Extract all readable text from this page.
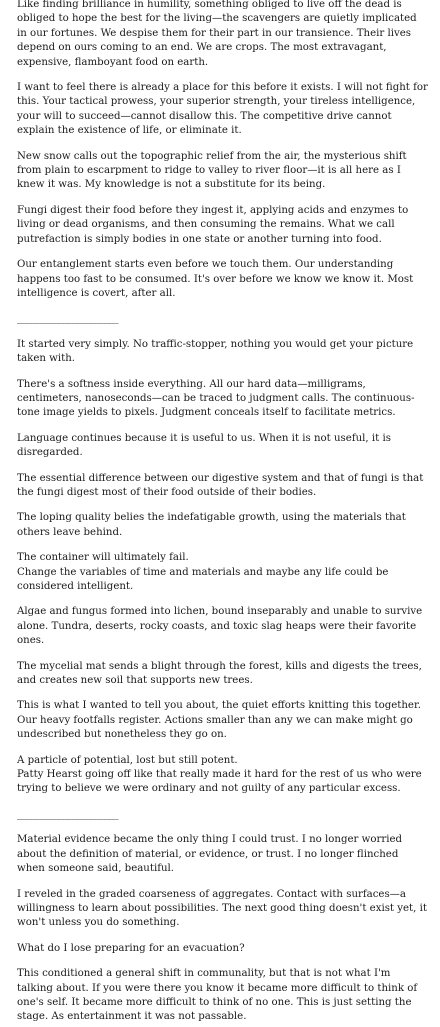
Like finding brilliance in humility, something obliged to live off the dead is obliged to hope the best for the living—the scavengers are quietly implicated in our fortunes. We despise them for their part in our transience. Their lives depend on ours coming to an end. We are crops. The most extravagant, expensive, flamboyant food on earth.

I want to feel there is already a place for this before it exists. I will not fight for this. Your tactical prowess, your superior strength, your tireless intelligence, your will to succeed—cannot disallow this. The competitive drive cannot explain the existence of life, or eliminate it.

New snow calls out the topographic relief from the air, the mysterious shift from plain to escarpment to ridge to valley to river floor—it is all here as I knew it was. My knowledge is not a substitute for its being.

Fungi digest their food before they ingest it, applying acids and enzymes to living or dead organisms, and then consuming the remains. What we call putrefaction is simply bodies in one state or another turning into food.

Our entanglement starts even before we touch them. Our understanding happens too fast to be consumed. It's over before we know we know it. Most intelligence is covert, after all.

______________________

It started very simply. No traffic-stopper, nothing you would get your picture taken with.

There's a softness inside everything. All our hard data—milligrams, centimeters, nanoseconds—can be traced to judgment calls. The continuous-tone image yields to pixels. Judgment conceals itself to facilitate metrics.

Language continues because it is useful to us. When it is not useful, it is disregarded.

The essential difference between our digestive system and that of fungi is that the fungi digest most of their food outside of their bodies.

The loping quality belies the indefatigable growth, using the materials that others leave behind.

The container will ultimately fail.

Change the variables of time and materials and maybe any life could be considered intelligent.

Algae and fungus formed into lichen, bound inseparably and unable to survive alone. Tundra, deserts, rocky coasts, and toxic slag heaps were their favorite ones.

The mycelial mat sends a blight through the forest, kills and digests the trees, and creates new soil that supports new trees.

This is what I wanted to tell you about, the quiet efforts knitting this together. Our heavy footfalls register. Actions smaller than any we can make might go undescribed but nonetheless they go on.

A particle of potential, lost but still potent.

Patty Hearst going off like that really made it hard for the rest of us who were trying to believe we were ordinary and not guilty of any particular excess.

______________________

Material evidence became the only thing I could trust. I no longer worried about the definition of material, or evidence, or trust. I no longer flinched when someone said, beautiful.

I reveled in the graded coarseness of aggregates. Contact with surfaces—a willingness to learn about possibilities. The next good thing doesn't exist yet, it won't unless you do something.

What do I lose preparing for an evacuation?

This conditioned a general shift in communality, but that is not what I'm talking about. If you were there you know it became more difficult to think of one's self. It became more difficult to think of no one. This is just setting the stage. As entertainment it was not passable.
